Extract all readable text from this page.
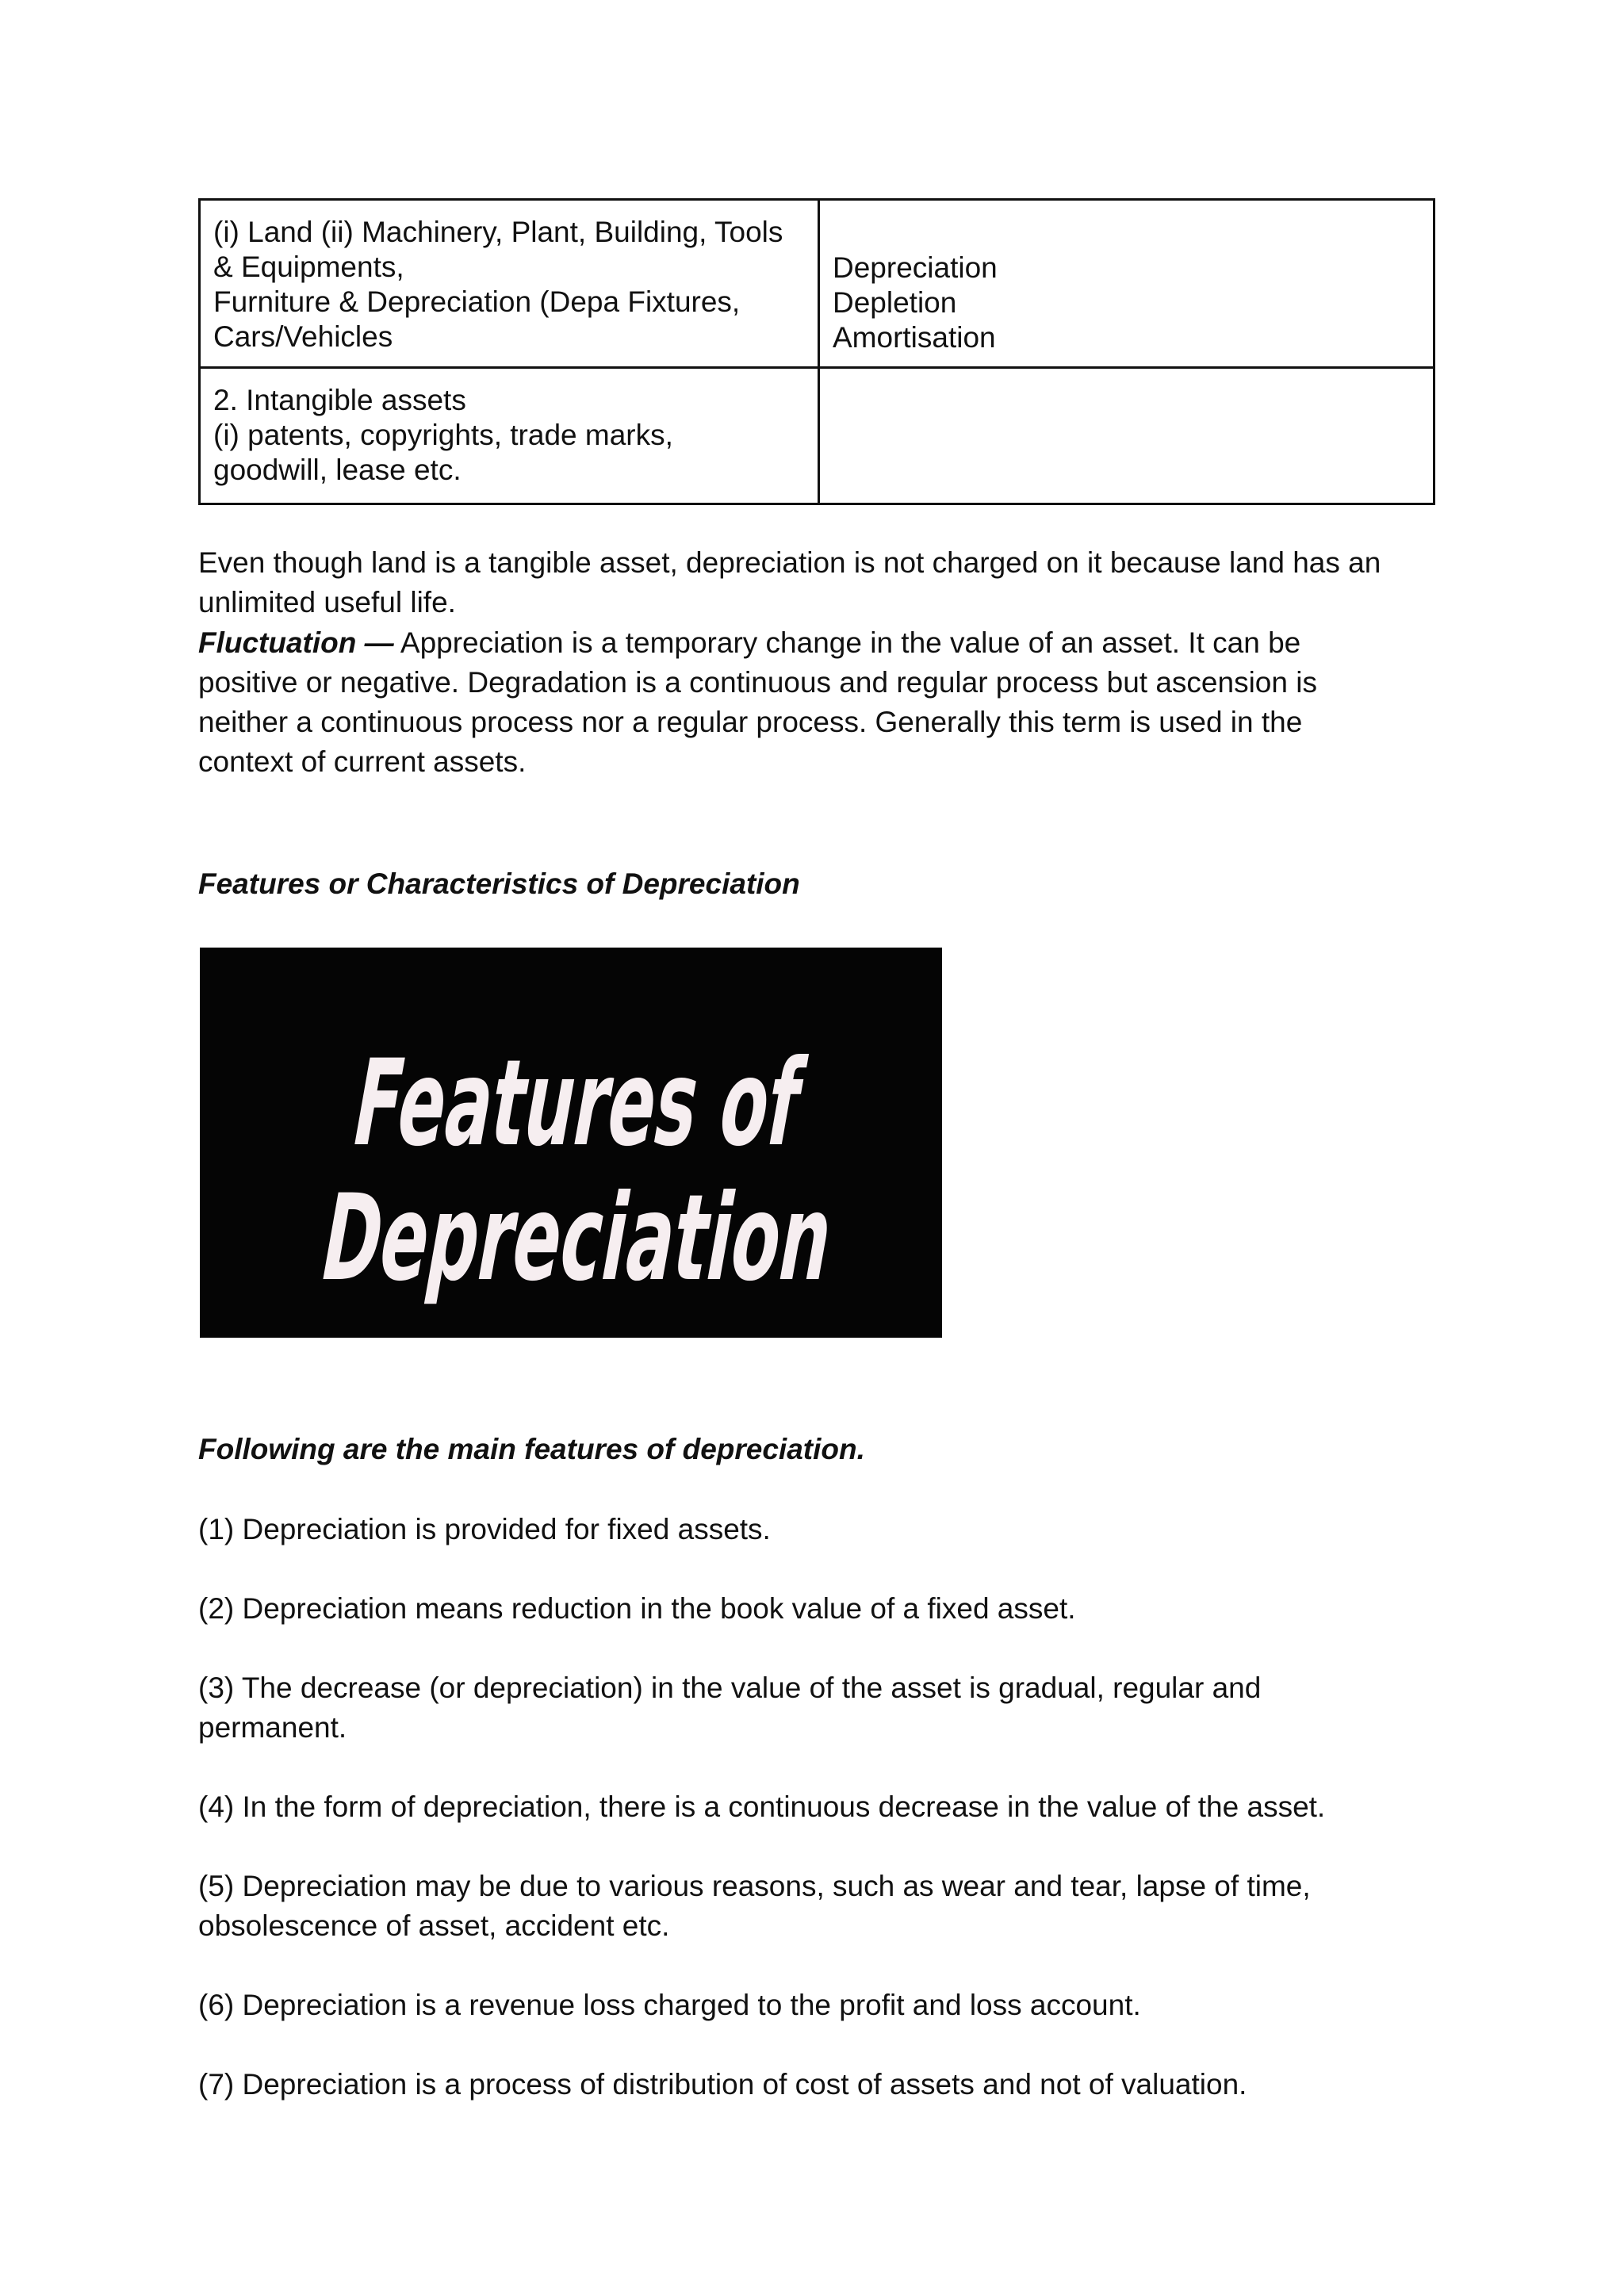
(i) Land (ii) Machinery, Plant, Building, Tools
& Equipments,
Furniture & Depreciation (Depa Fixtures,
Cars/Vehicles	Depreciation
Depletion
Amortisation

2. Intangible assets
(i) patents, copyrights, trade marks,
goodwill, lease etc.	

Even though land is a tangible asset, depreciation is not charged on it because land has an
unlimited useful life.

Fluctuation — Appreciation is a temporary change in the value of an asset. It can be
positive or negative. Degradation is a continuous and regular process but ascension is
neither a continuous process nor a regular process. Generally this term is used in the
context of current assets.

Features or Characteristics of Depreciation

Features of
Depreciation

Following are the main features of depreciation.

(1) Depreciation is provided for fixed assets.

(2) Depreciation means reduction in the book value of a fixed asset.

(3) The decrease (or depreciation) in the value of the asset is gradual, regular and
permanent.

(4) In the form of depreciation, there is a continuous decrease in the value of the asset.

(5) Depreciation may be due to various reasons, such as wear and tear, lapse of time,
obsolescence of asset, accident etc.

(6) Depreciation is a revenue loss charged to the profit and loss account.

(7) Depreciation is a process of distribution of cost of assets and not of valuation.
